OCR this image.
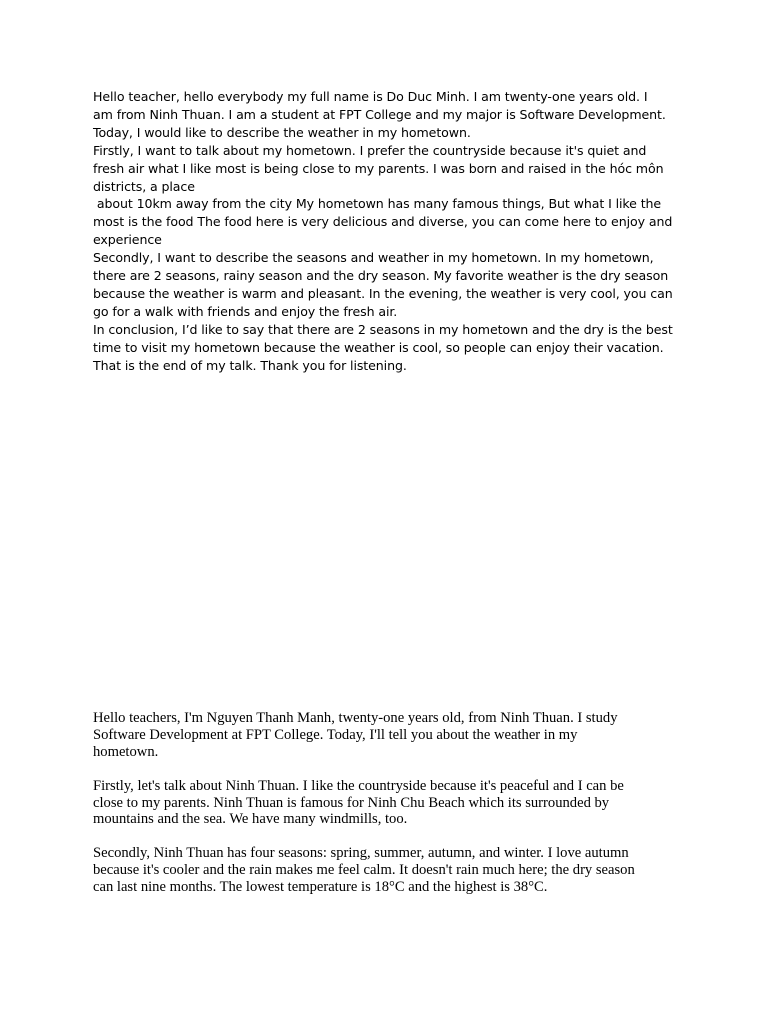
Hello teacher, hello everybody my full name is Do Duc Minh. I am twenty-one years old. I
am from Ninh Thuan. I am a student at FPT College and my major is Software Development.
Today, I would like to describe the weather in my hometown.
Firstly, I want to talk about my hometown. I prefer the countryside because it's quiet and
fresh air what I like most is being close to my parents. I was born and raised in the hóc môn
districts, a place
about 10km away from the city My hometown has many famous things, But what I like the
most is the food The food here is very delicious and diverse, you can come here to enjoy and
experience
Secondly, I want to describe the seasons and weather in my hometown. In my hometown,
there are 2 seasons, rainy season and the dry season. My favorite weather is the dry season
because the weather is warm and pleasant. In the evening, the weather is very cool, you can
go for a walk with friends and enjoy the fresh air.
In conclusion, I’d like to say that there are 2 seasons in my hometown and the dry is the best
time to visit my hometown because the weather is cool, so people can enjoy their vacation.
That is the end of my talk. Thank you for listening.
Hello teachers, I'm Nguyen Thanh Manh, twenty-one years old, from Ninh Thuan. I study
Software Development at FPT College. Today, I'll tell you about the weather in my
hometown.
Firstly, let's talk about Ninh Thuan. I like the countryside because it's peaceful and I can be
close to my parents. Ninh Thuan is famous for Ninh Chu Beach which its surrounded by
mountains and the sea. We have many windmills, too.
Secondly, Ninh Thuan has four seasons: spring, summer, autumn, and winter. I love autumn
because it's cooler and the rain makes me feel calm. It doesn't rain much here; the dry season
can last nine months. The lowest temperature is 18°C and the highest is 38°C.
